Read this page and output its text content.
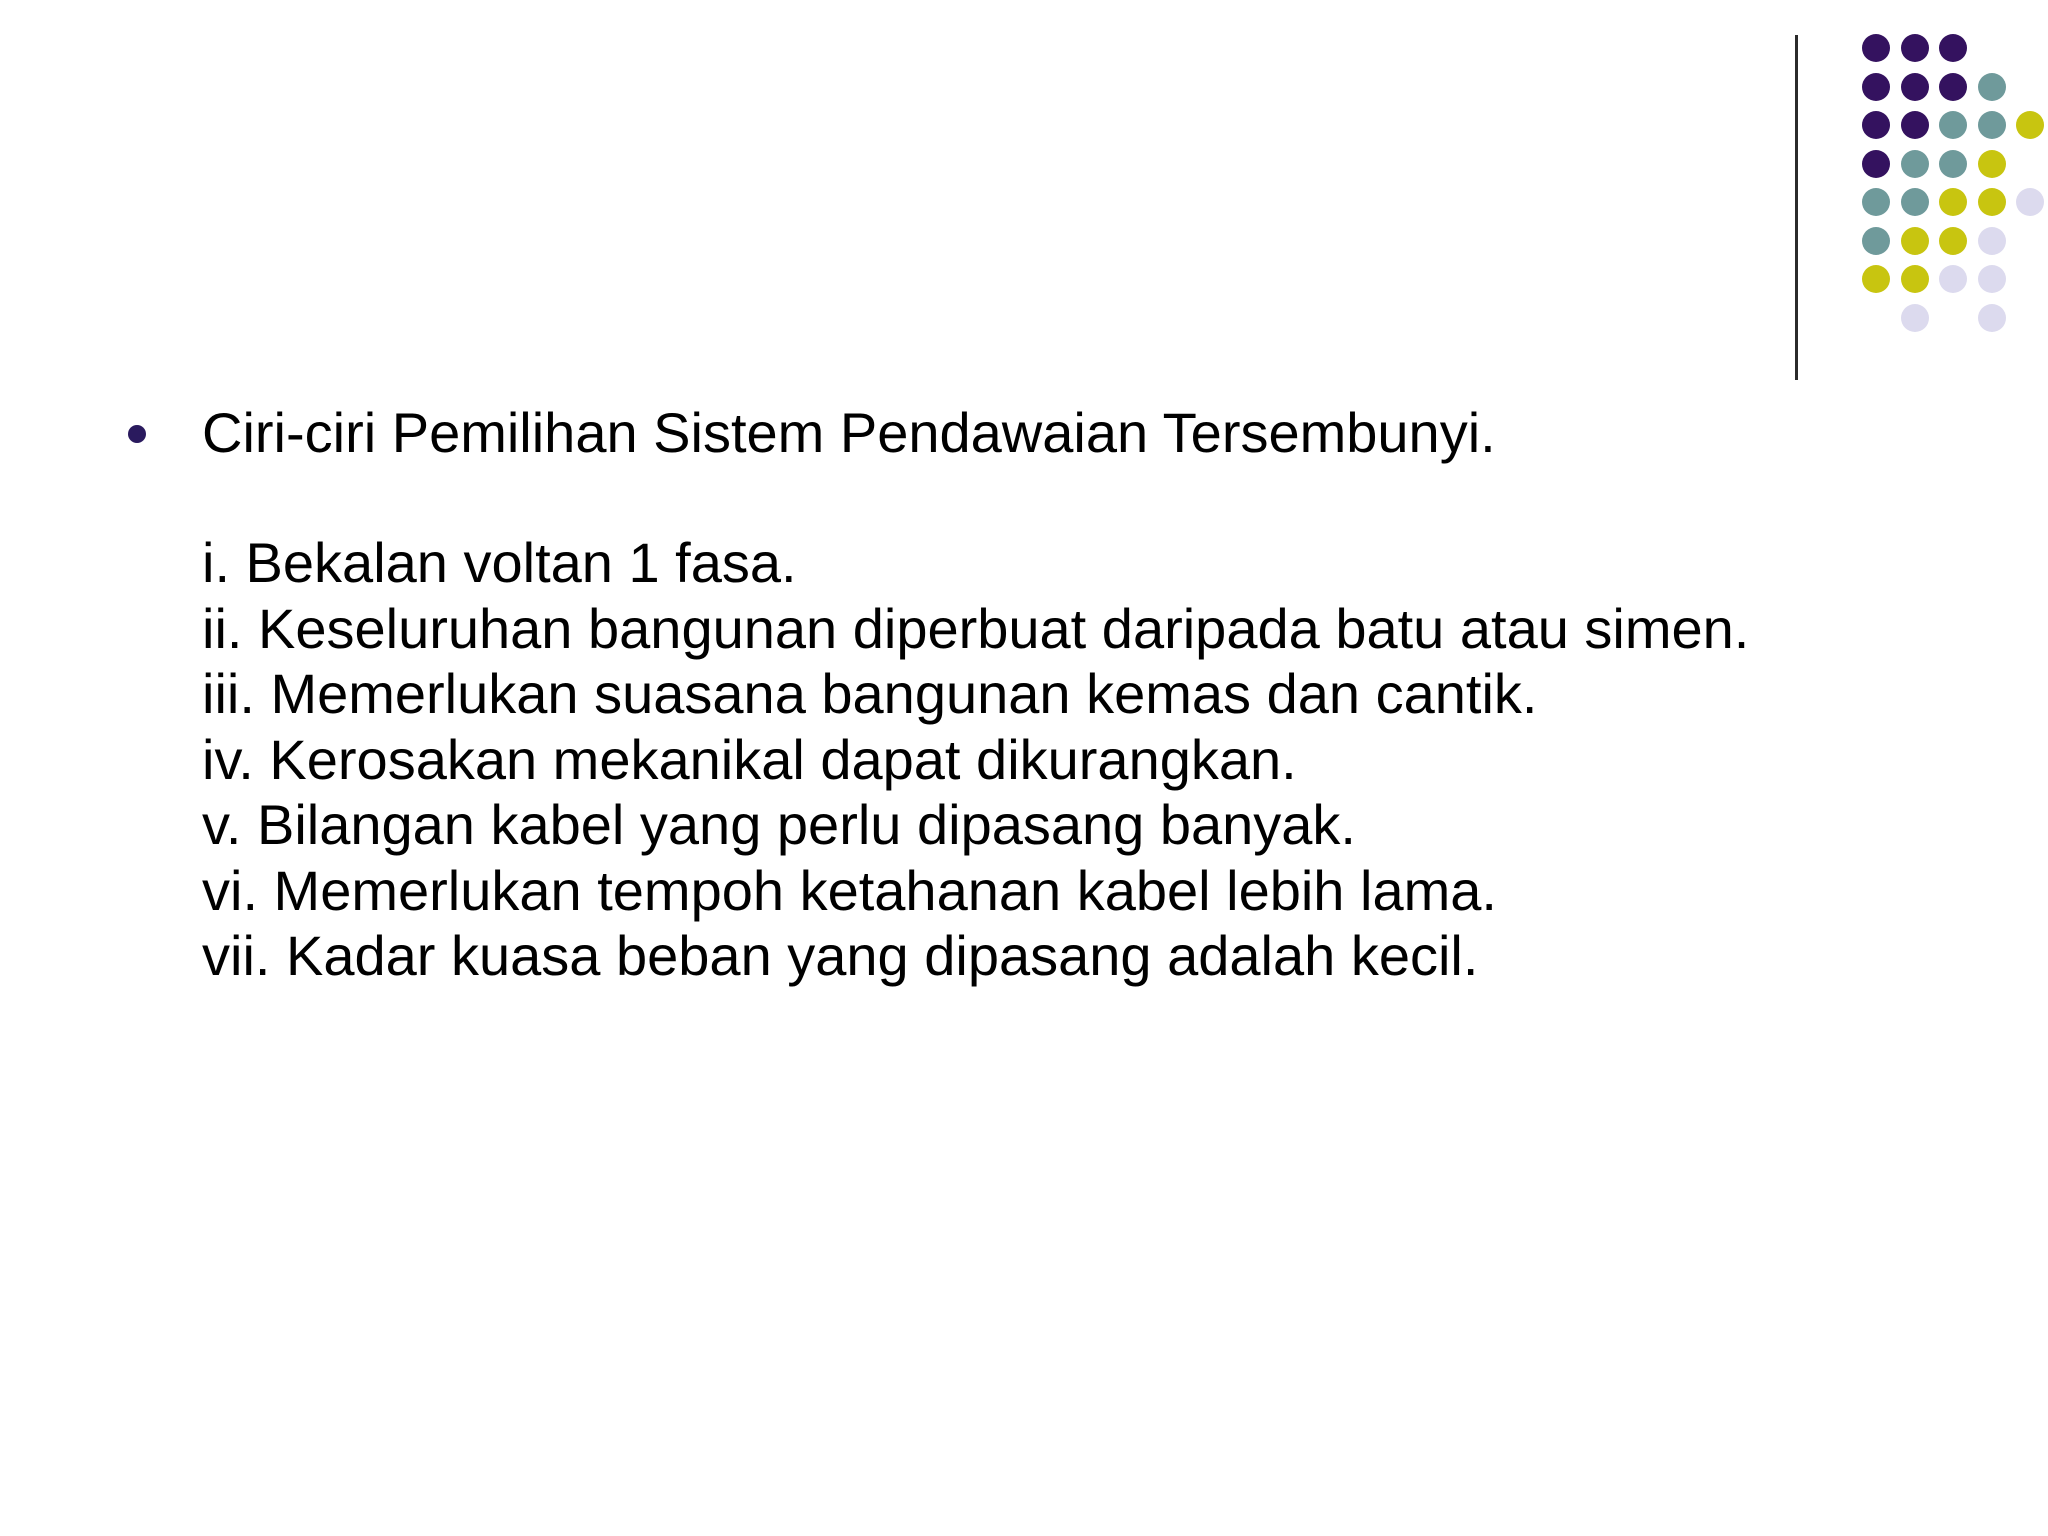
Ciri-ciri Pemilihan Sistem Pendawaian Tersembunyi.
i. Bekalan voltan 1 fasa.
ii. Keseluruhan bangunan diperbuat daripada batu atau simen.
iii. Memerlukan suasana bangunan kemas dan cantik.
iv. Kerosakan mekanikal dapat dikurangkan.
v. Bilangan kabel yang perlu dipasang banyak.
vi. Memerlukan tempoh ketahanan kabel lebih lama.
vii. Kadar kuasa beban yang dipasang adalah kecil.
